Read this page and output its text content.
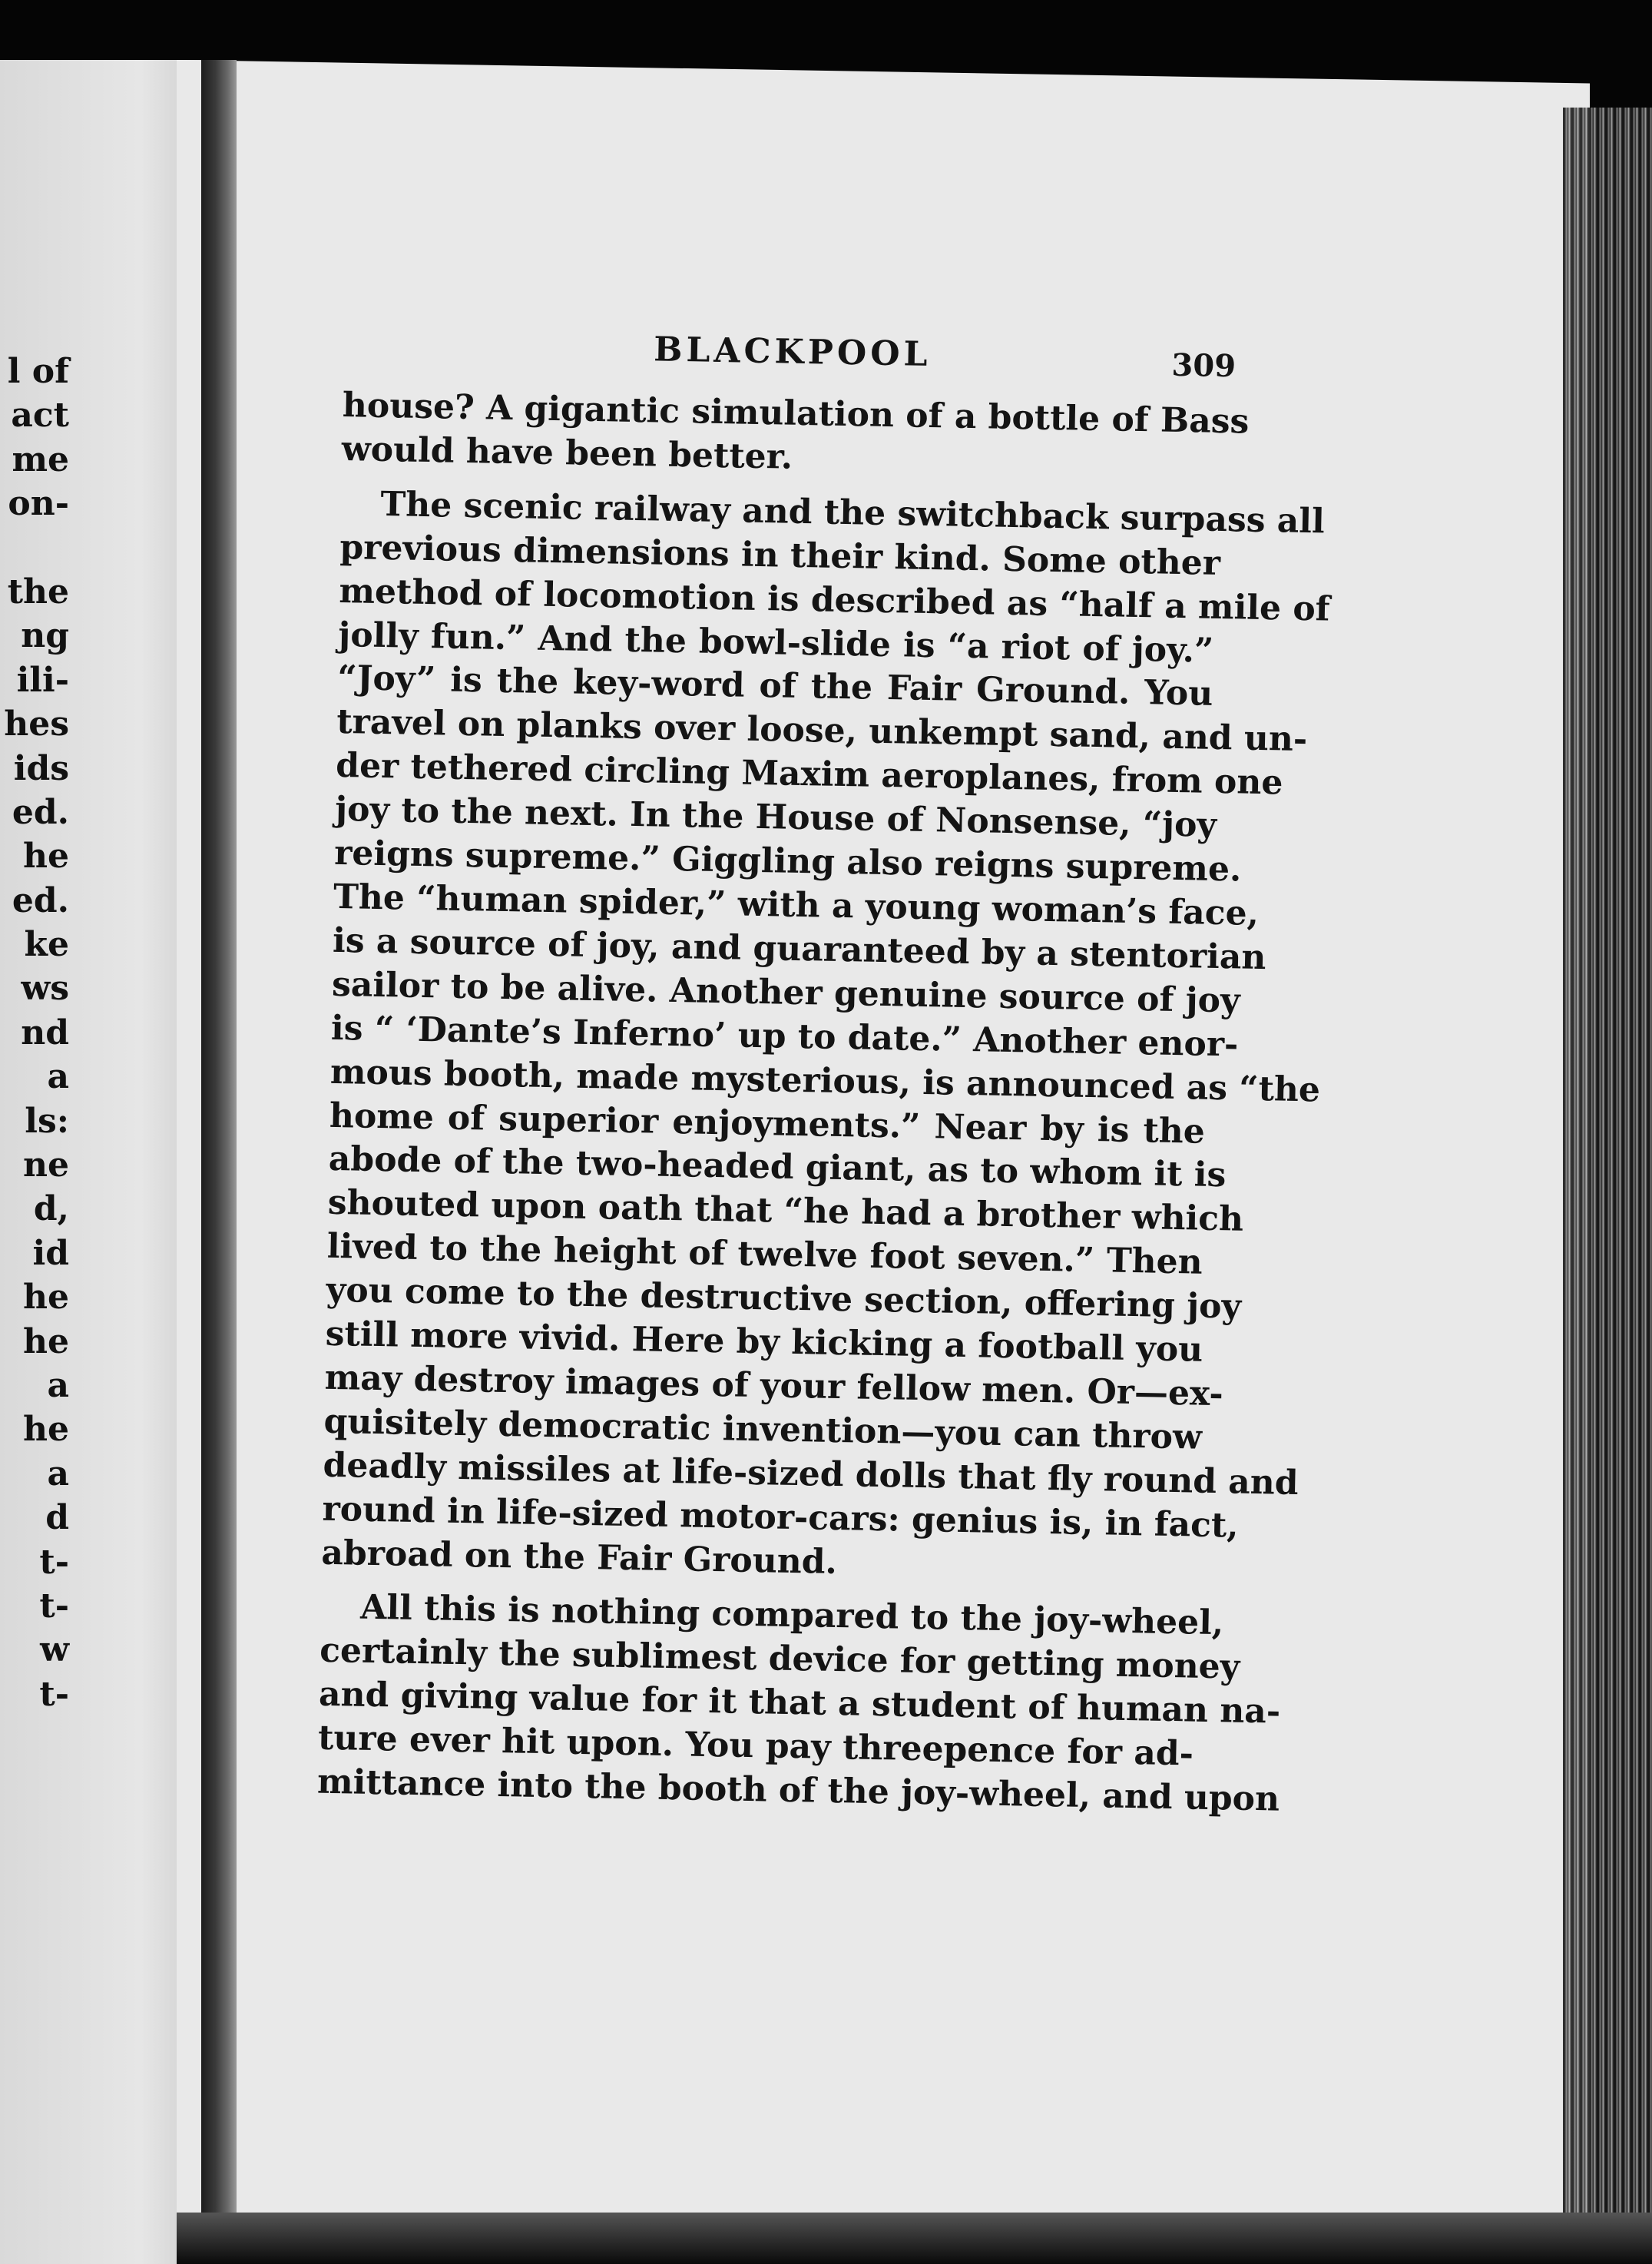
l of
act
me
on-
the
ng
ili-
hes
ids
ed.
he
ed.
ke
ws
nd
a
ls:
ne
d,
id
he
he
a
he
a
d
t-
t-
w
t-
BLACKPOOL	309
house? A gigantic simulation of a bottle of Bass
would have been better.
The scenic railway and the switchback surpass all
previous dimensions in their kind. Some other
method of locomotion is described as “half a mile of
jolly fun.” And the bowl-slide is “a riot of joy.”
“Joy” is the key-word of the Fair Ground. You
travel on planks over loose, unkempt sand, and un-
der tethered circling Maxim aeroplanes, from one
joy to the next. In the House of Nonsense, “joy
reigns supreme.” Giggling also reigns supreme.
The “human spider,” with a young woman’s face,
is a source of joy, and guaranteed by a stentorian
sailor to be alive. Another genuine source of joy
is “ ‘Dante’s Inferno’ up to date.” Another enor-
mous booth, made mysterious, is announced as “the
home of superior enjoyments.” Near by is the
abode of the two-headed giant, as to whom it is
shouted upon oath that “he had a brother which
lived to the height of twelve foot seven.” Then
you come to the destructive section, offering joy
still more vivid. Here by kicking a football you
may destroy images of your fellow men. Or—ex-
quisitely democratic invention—you can throw
deadly missiles at life-sized dolls that fly round and
round in life-sized motor-cars: genius is, in fact,
abroad on the Fair Ground.
All this is nothing compared to the joy-wheel,
certainly the sublimest device for getting money
and giving value for it that a student of human na-
ture ever hit upon. You pay threepence for ad-
mittance into the booth of the joy-wheel, and upon
